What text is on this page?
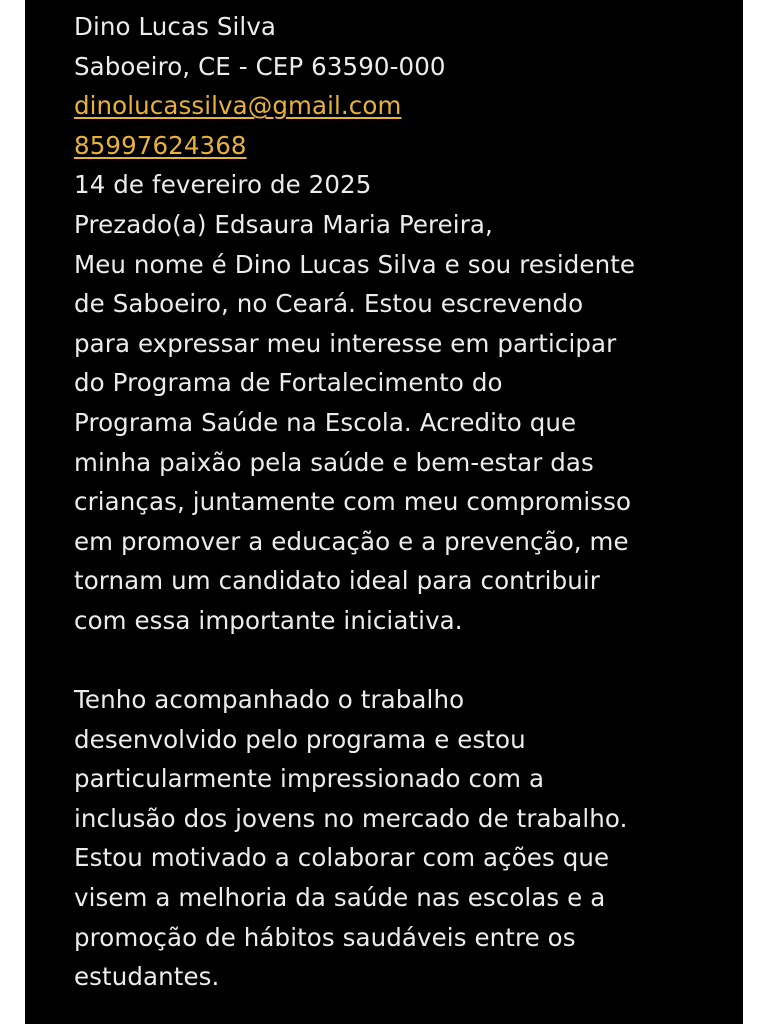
Dino Lucas Silva
Saboeiro, CE - CEP 63590-000
dinolucassilva@gmail.com
85997624368
14 de fevereiro de 2025
Prezado(a) Edsaura Maria Pereira,
Meu nome é Dino Lucas Silva e sou residente
de Saboeiro, no Ceará. Estou escrevendo
para expressar meu interesse em participar
do Programa de Fortalecimento do
Programa Saúde na Escola. Acredito que
minha paixão pela saúde e bem-estar das
crianças, juntamente com meu compromisso
em promover a educação e a prevenção, me
tornam um candidato ideal para contribuir
com essa importante iniciativa.
Tenho acompanhado o trabalho
desenvolvido pelo programa e estou
particularmente impressionado com a
inclusão dos jovens no mercado de trabalho.
Estou motivado a colaborar com ações que
visem a melhoria da saúde nas escolas e a
promoção de hábitos saudáveis entre os
estudantes.
